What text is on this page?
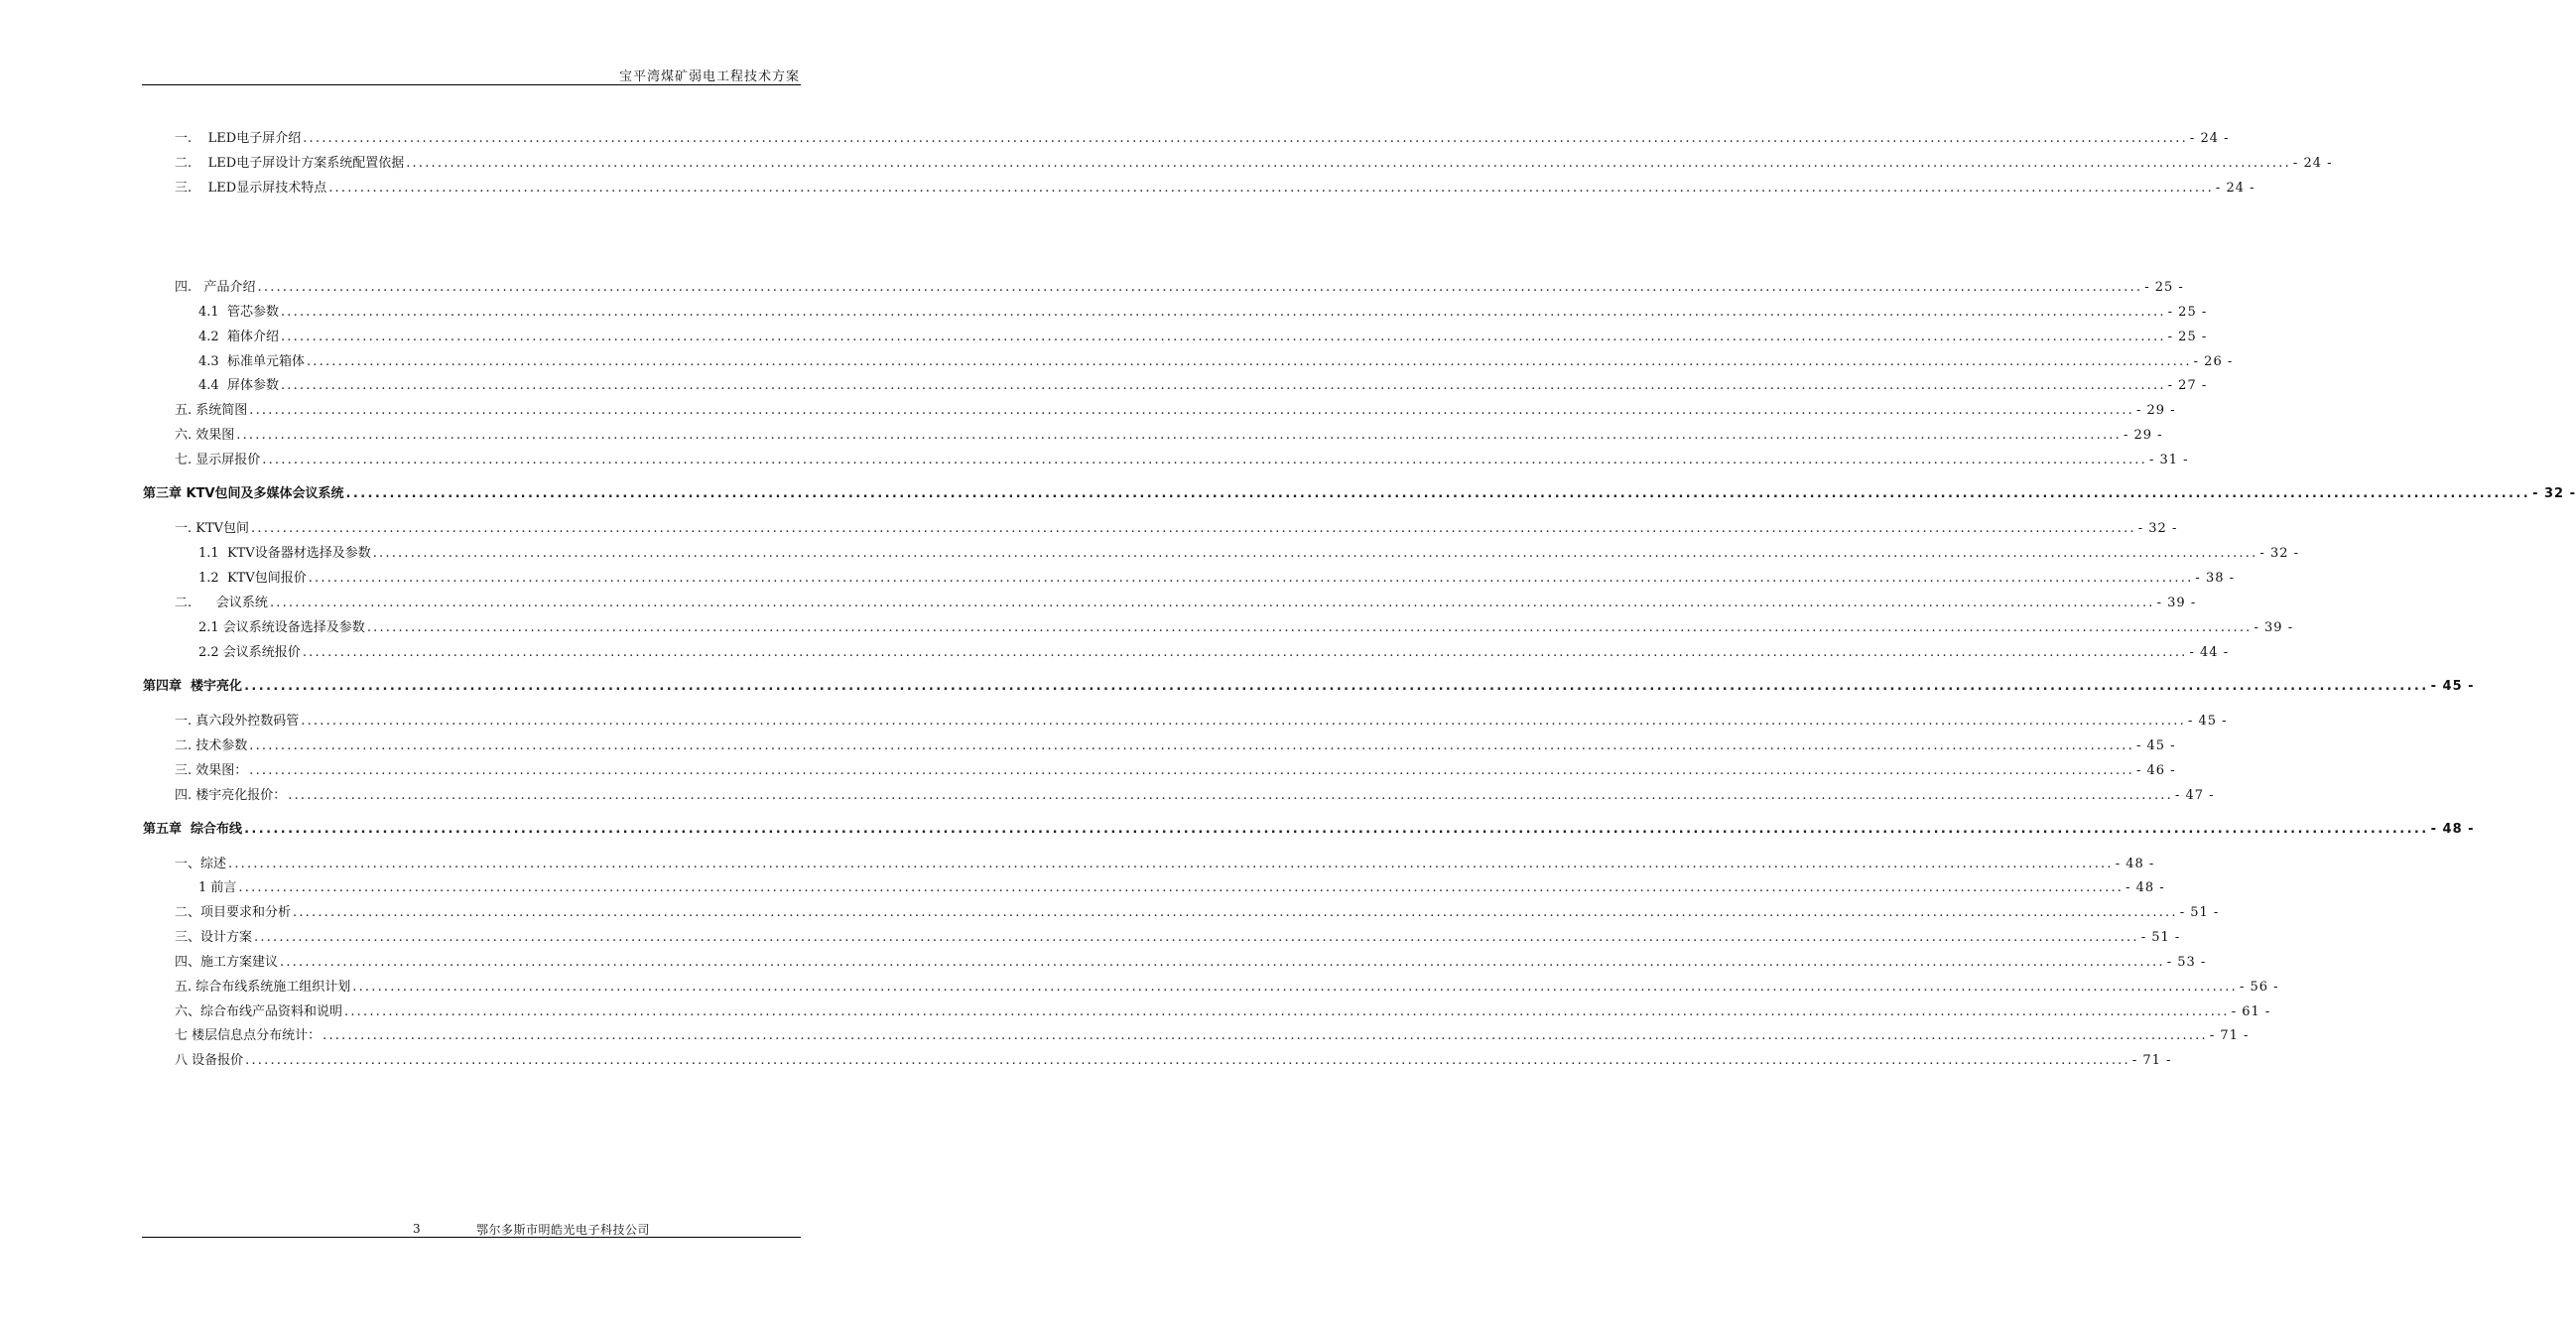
宝平湾煤矿弱电工程技术方案
一.    LED电子屏介绍 ............................................................................................................................................................................................................................................................................................................ - 24 -
二.    LED电子屏设计方案系统配置依据 ............................................................................................................................................................................................................................................................................................................ - 24 -
三.    LED显示屏技术特点 ............................................................................................................................................................................................................................................................................................................ - 24 -
四.   产品介绍 ............................................................................................................................................................................................................................................................................................................ - 25 -
4.1  管芯参数 ............................................................................................................................................................................................................................................................................................................ - 25 -
4.2  箱体介绍 ............................................................................................................................................................................................................................................................................................................ - 25 -
4.3  标准单元箱体 ............................................................................................................................................................................................................................................................................................................ - 26 -
4.4  屏体参数 ............................................................................................................................................................................................................................................................................................................ - 27 -
五. 系统简图 ............................................................................................................................................................................................................................................................................................................ - 29 -
六. 效果图 ............................................................................................................................................................................................................................................................................................................ - 29 -
七. 显示屏报价 ............................................................................................................................................................................................................................................................................................................ - 31 -
第三章 KTV包间及多媒体会议系统 ............................................................................................................................................................................................................................................................................................................ - 32 -
一. KTV包间 ............................................................................................................................................................................................................................................................................................................ - 32 -
1.1  KTV设备器材选择及参数 ............................................................................................................................................................................................................................................................................................................ - 32 -
1.2  KTV包间报价 ............................................................................................................................................................................................................................................................................................................ - 38 -
二.      会议系统 ............................................................................................................................................................................................................................................................................................................ - 39 -
2.1 会议系统设备选择及参数 ............................................................................................................................................................................................................................................................................................................ - 39 -
2.2 会议系统报价 ............................................................................................................................................................................................................................................................................................................ - 44 -
第四章  楼宇亮化 ............................................................................................................................................................................................................................................................................................................ - 45 -
一. 真六段外控数码管 ............................................................................................................................................................................................................................................................................................................ - 45 -
二. 技术参数 ............................................................................................................................................................................................................................................................................................................ - 45 -
三. 效果图： ............................................................................................................................................................................................................................................................................................................ - 46 -
四. 楼宇亮化报价： ............................................................................................................................................................................................................................................................................................................ - 47 -
第五章  综合布线 ............................................................................................................................................................................................................................................................................................................ - 48 -
一、综述 ............................................................................................................................................................................................................................................................................................................ - 48 -
1 前言 ............................................................................................................................................................................................................................................................................................................ - 48 -
二、项目要求和分析 ............................................................................................................................................................................................................................................................................................................ - 51 -
三、设计方案 ............................................................................................................................................................................................................................................................................................................ - 51 -
四、施工方案建议 ............................................................................................................................................................................................................................................................................................................ - 53 -
五. 综合布线系统施工组织计划 ............................................................................................................................................................................................................................................................................................................ - 56 -
六、综合布线产品资料和说明 ............................................................................................................................................................................................................................................................................................................ - 61 -
七 楼层信息点分布统计： ............................................................................................................................................................................................................................................................................................................ - 71 -
八 设备报价 ............................................................................................................................................................................................................................................................................................................ - 71 -
3	鄂尔多斯市明皓光电子科技公司
